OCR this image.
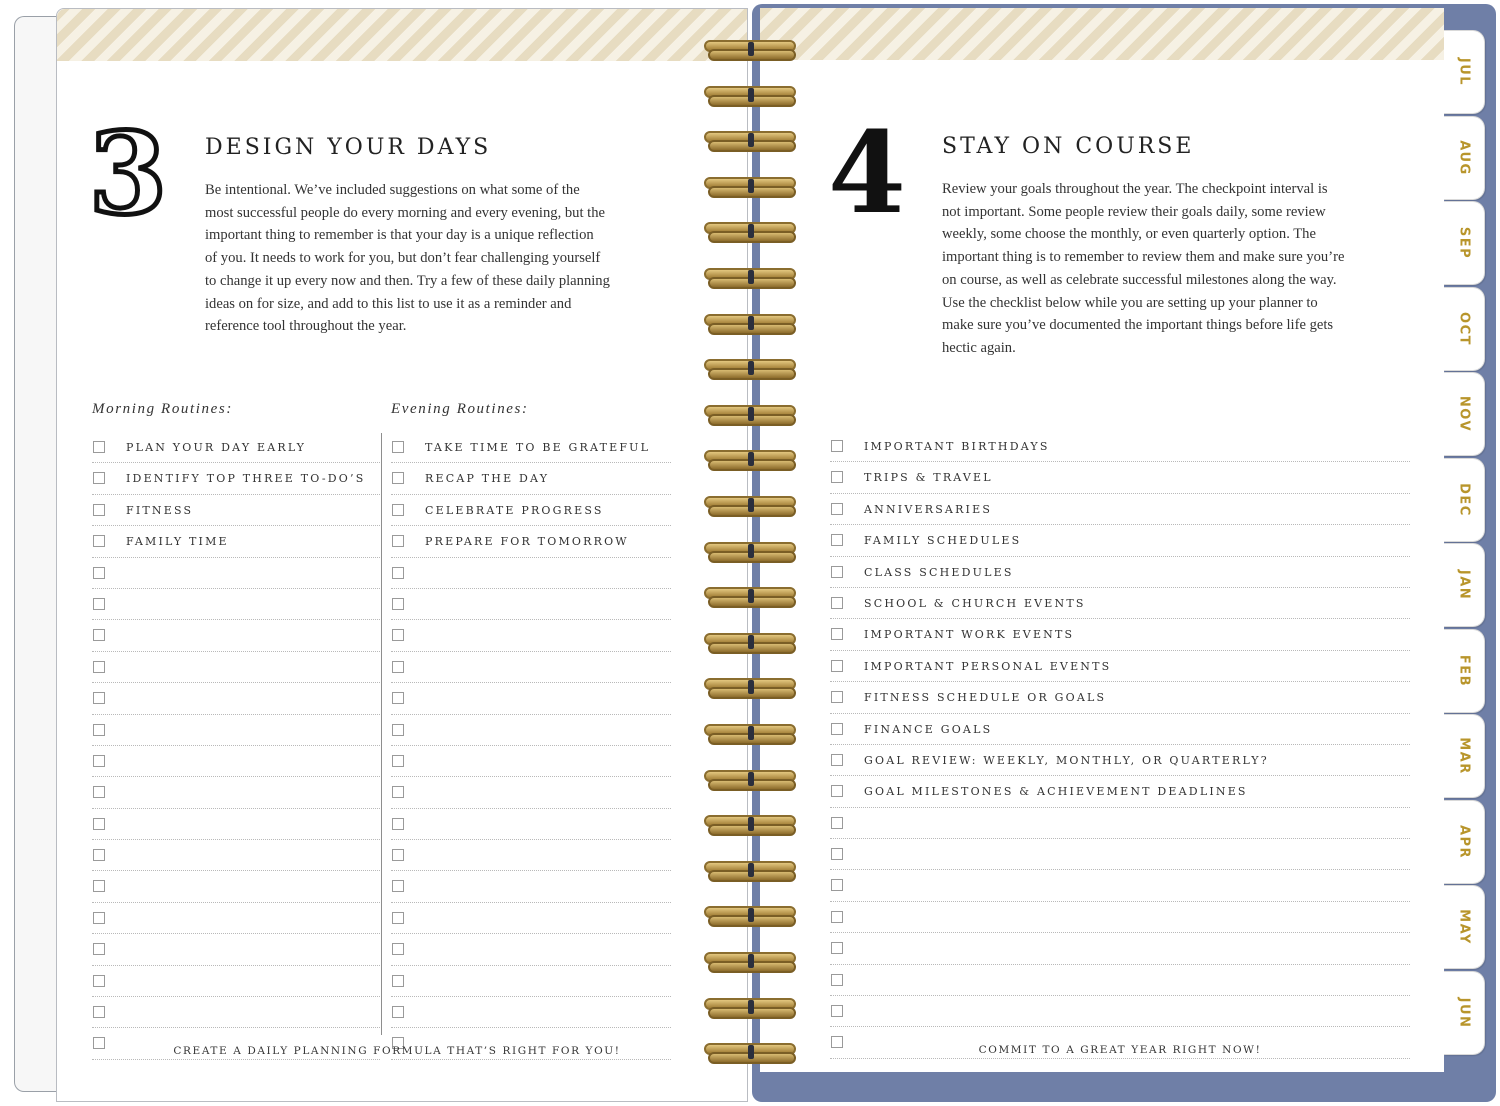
3 DESIGN YOUR DAYS
Be intentional. We’ve included suggestions on what some of the
most successful people do every morning and every evening, but the
important thing to remember is that your day is a unique reflection
of you. It needs to work for you, but don’t fear challenging yourself
to change it up every now and then. Try a few of these daily planning
ideas on for size, and add to this list to use it as a reminder and
reference tool throughout the year.
Morning Routines:	Evening Routines:
PLAN YOUR DAY EARLY
IDENTIFY TOP THREE TO-DO’S
FITNESS
FAMILY TIME
TAKE TIME TO BE GRATEFUL
RECAP THE DAY
CELEBRATE PROGRESS
PREPARE FOR TOMORROW
CREATE A DAILY PLANNING FORMULA THAT’S RIGHT FOR YOU!
4 STAY ON COURSE
Review your goals throughout the year. The checkpoint interval is
not important. Some people review their goals daily, some review
weekly, some choose the monthly, or even quarterly option. The
important thing is to remember to review them and make sure you’re
on course, as well as celebrate successful milestones along the way.
Use the checklist below while you are setting up your planner to
make sure you’ve documented the important things before life gets
hectic again.
IMPORTANT BIRTHDAYS
TRIPS & TRAVEL
ANNIVERSARIES
FAMILY SCHEDULES
CLASS SCHEDULES
SCHOOL & CHURCH EVENTS
IMPORTANT WORK EVENTS
IMPORTANT PERSONAL EVENTS
FITNESS SCHEDULE OR GOALS
FINANCE GOALS
GOAL REVIEW: WEEKLY, MONTHLY, OR QUARTERLY?
GOAL MILESTONES & ACHIEVEMENT DEADLINES
COMMIT TO A GREAT YEAR RIGHT NOW!
JUL
AUG
SEP
OCT
NOV
DEC
JAN
FEB
MAR
APR
MAY
JUN
